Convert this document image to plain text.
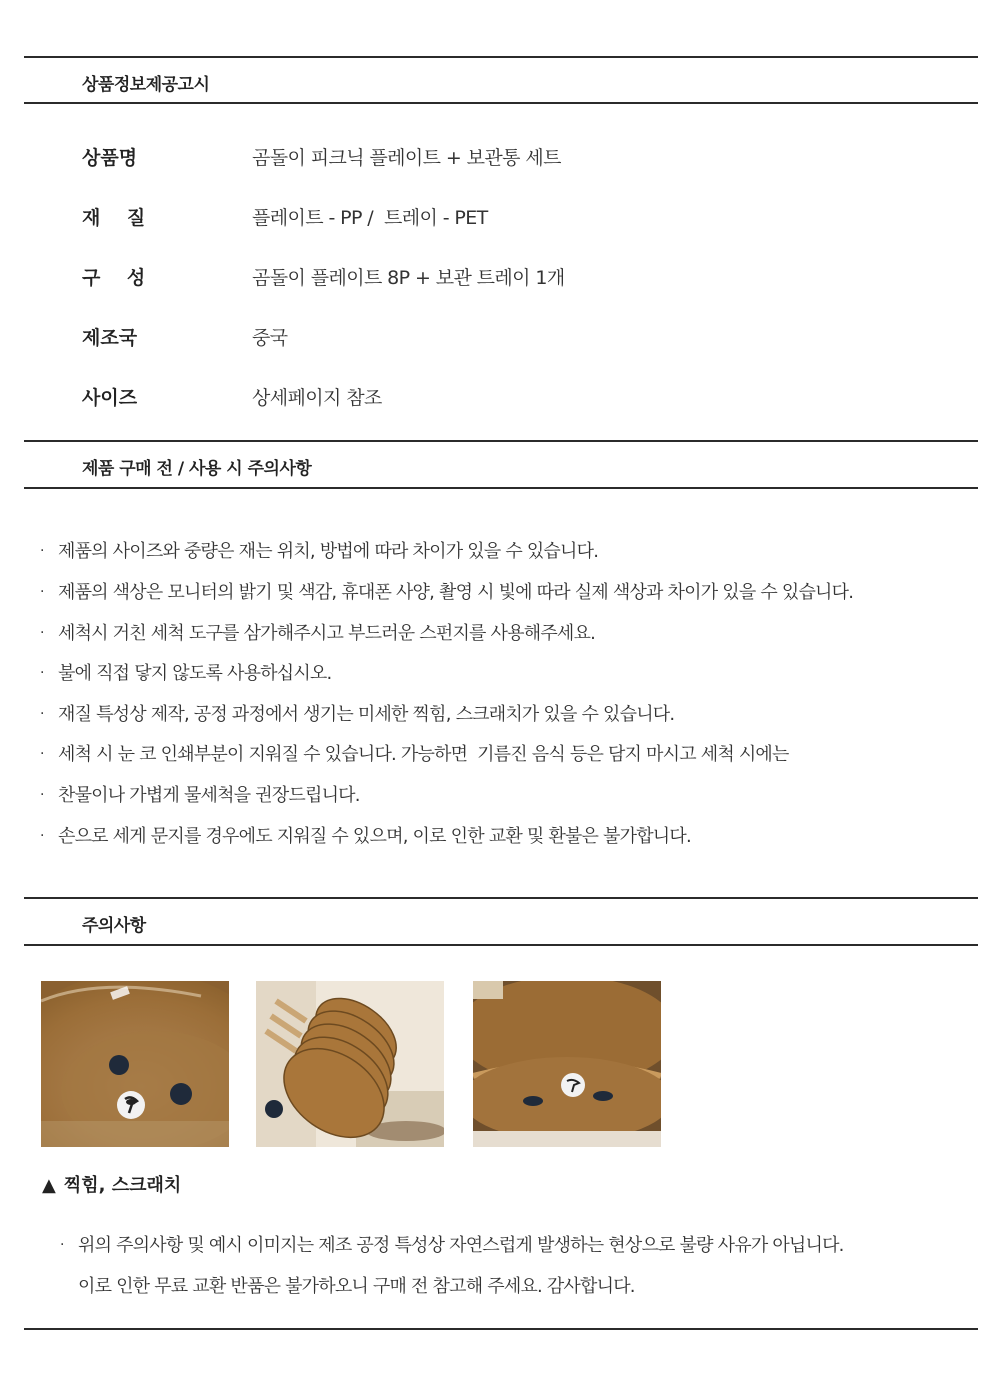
상품정보제공고시
상품명	곰돌이 피크닉 플레이트 + 보관통 세트
재    질	플레이트 - PP /  트레이 - PET
구    성	곰돌이 플레이트 8P + 보관 트레이 1개
제조국	중국
사이즈	상세페이지 참조
제품 구매 전 / 사용 시 주의사항
· 제품의 사이즈와 중량은 재는 위치, 방법에 따라 차이가 있을 수 있습니다.
· 제품의 색상은 모니터의 밝기 및 색감, 휴대폰 사양, 촬영 시 빛에 따라 실제 색상과 차이가 있을 수 있습니다.
· 세척시 거친 세척 도구를 삼가해주시고 부드러운 스펀지를 사용해주세요.
· 불에 직접 닿지 않도록 사용하십시오.
· 재질 특성상 제작, 공정 과정에서 생기는 미세한 찍힘, 스크래치가 있을 수 있습니다.
· 세척 시 눈 코 인쇄부분이 지워질 수 있습니다. 가능하면  기름진 음식 등은 담지 마시고 세척 시에는
· 찬물이나 가볍게 물세척을 권장드립니다.
· 손으로 세게 문지를 경우에도 지워질 수 있으며, 이로 인한 교환 및 환불은 불가합니다.
주의사항
▲ 찍힘, 스크래치
· 위의 주의사항 및 예시 이미지는 제조 공정 특성상 자연스럽게 발생하는 현상으로 불량 사유가 아닙니다.
이로 인한 무료 교환 반품은 불가하오니 구매 전 참고해 주세요. 감사합니다.
